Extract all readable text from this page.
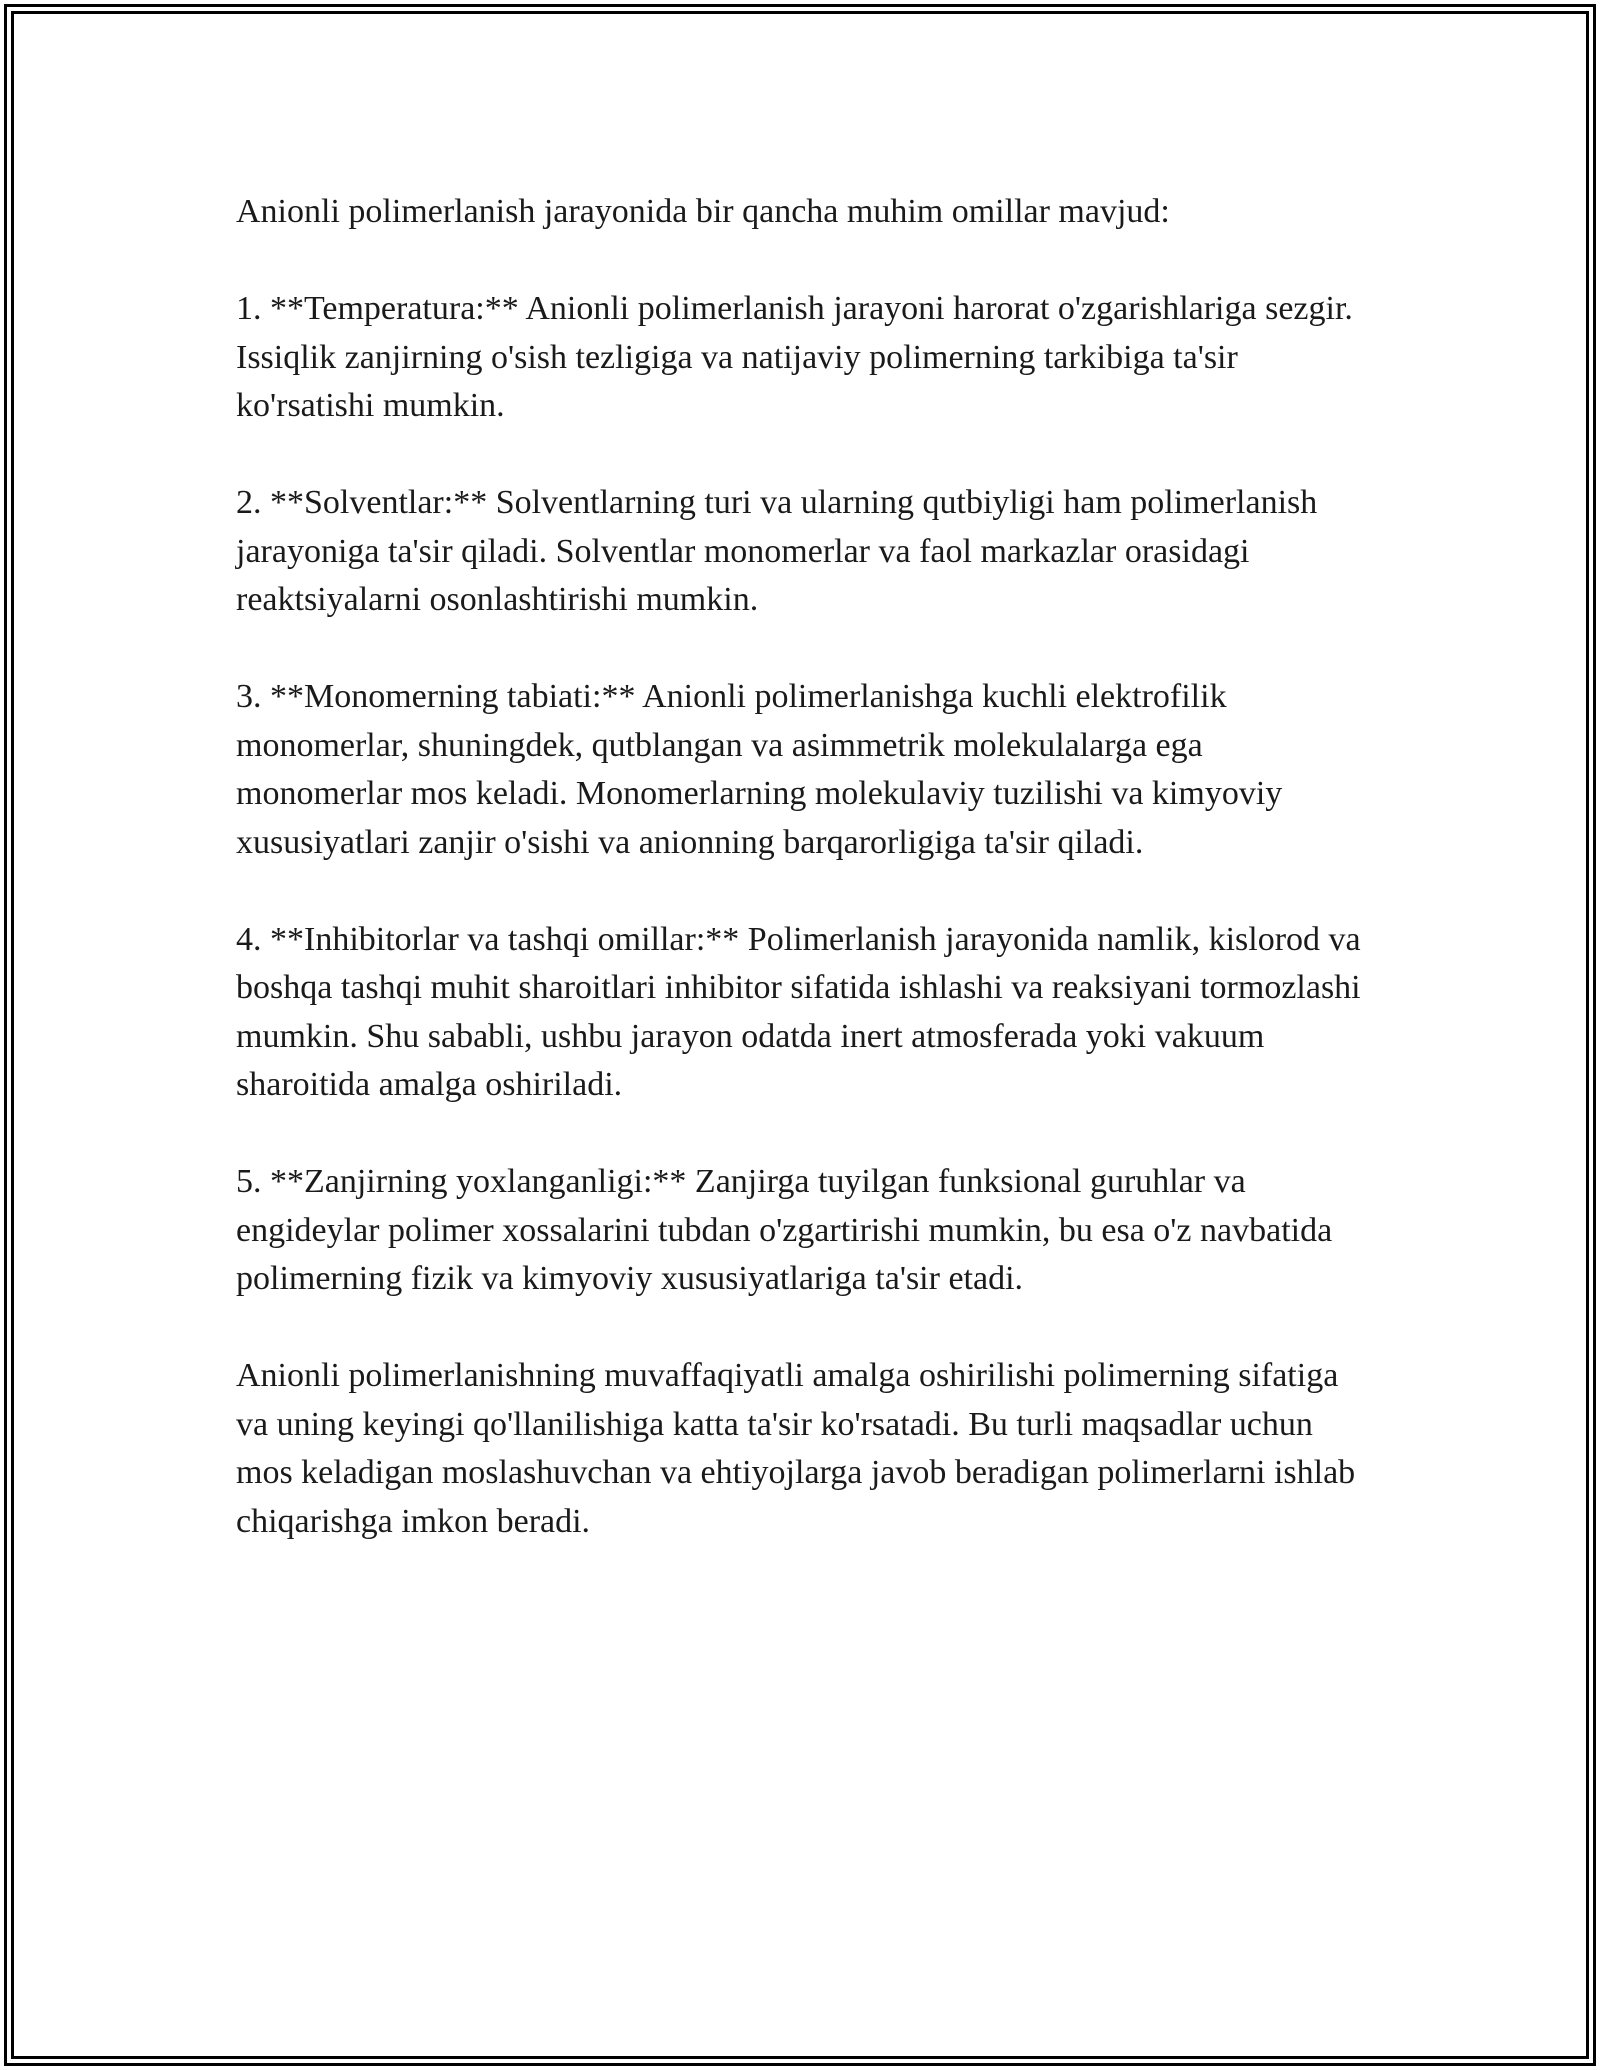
Anionli polimerlanish jarayonida bir qancha muhim omillar mavjud:

1. **Temperatura:** Anionli polimerlanish jarayoni harorat o'zgarishlariga sezgir. Issiqlik zanjirning o'sish tezligiga va natijaviy polimerning tarkibiga ta'sir ko'rsatishi mumkin.

2. **Solventlar:** Solventlarning turi va ularning qutbiyligi ham polimerlanish jarayoniga ta'sir qiladi. Solventlar monomerlar va faol markazlar orasidagi reaktsiyalarni osonlashtirishi mumkin.

3. **Monomerning tabiati:** Anionli polimerlanishga kuchli elektrofilik monomerlar, shuningdek, qutblangan va asimmetrik molekulalarga ega monomerlar mos keladi. Monomerlarning molekulaviy tuzilishi va kimyoviy xususiyatlari zanjir o'sishi va anionning barqarorligiga ta'sir qiladi.

4. **Inhibitorlar va tashqi omillar:** Polimerlanish jarayonida namlik, kislorod va boshqa tashqi muhit sharoitlari inhibitor sifatida ishlashi va reaksiyani tormozlashi mumkin. Shu sababli, ushbu jarayon odatda inert atmosferada yoki vakuum sharoitida amalga oshiriladi.

5. **Zanjirning yoxlanganligi:** Zanjirga tuyilgan funksional guruhlar va engideylar polimer xossalarini tubdan o'zgartirishi mumkin, bu esa o'z navbatida polimerning fizik va kimyoviy xususiyatlariga ta'sir etadi.

Anionli polimerlanishning muvaffaqiyatli amalga oshirilishi polimerning sifatiga va uning keyingi qo'llanilishiga katta ta'sir ko'rsatadi. Bu turli maqsadlar uchun mos keladigan moslashuvchan va ehtiyojlarga javob beradigan polimerlarni ishlab chiqarishga imkon beradi.
